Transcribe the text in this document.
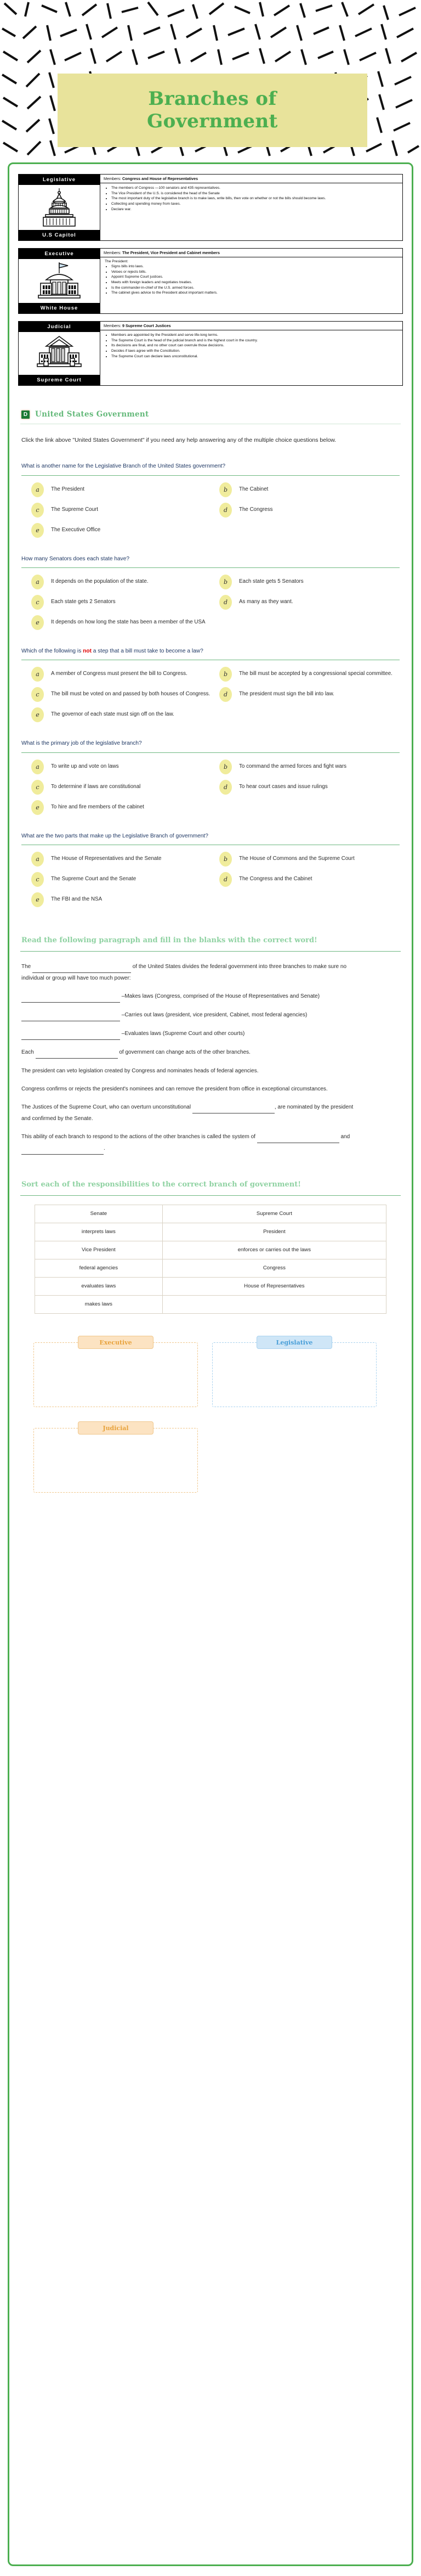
Branches of
Government
Legislative
U.S Capitol
Members: Congress and House of Representatives
• The members of Congress —100 senators and 435 representatives.
• The Vice President of the U.S. is considered the head of the Senate
• The most important duty of the legislative branch is to make laws, write bills, then vote on whether or not the bills should become laws.
• Collecting and spending money from taxes.
• Declare war.
Executive
White House
Members: The President, Vice President and Cabinet members

The President:

• Signs bills into laws.
• Vetoes or rejects bills.
• Appoint Supreme Court justices.
• Meets with foreign leaders and negotiates treaties.
• Is the commander-in-chief of the U.S. armed forces.
• The cabinet gives advice to the President about important matters.
Judicial
Supreme Court
Members: 9 Supreme Court Justices
• Members are appointed by the President and serve life-long terms.
• The Supreme Court is the head of the judicial branch and is the highest court in the country.
• Its decisions are final, and no other court can overrule those decisions.
• Decides if laws agree with the Constitution.
• The Supreme Court can declare laws unconstitutional.
D United States Government

Click the link above "United States Government" if you need any help answering any of the multiple choice questions below.

What is another name for the Legislative Branch of the United States government?
a	The President	b	The Cabinet
c	The Supreme Court	d	The Congress
e	The Executive Office
How many Senators does each state have?
a	It depends on the population of the state.	b	Each state gets 5 Senators
c	Each state gets 2 Senators	d	As many as they want.
e	It depends on how long the state has been a member of the USA
Which of the following is not a step that a bill must take to become a law?
a	A member of Congress must present the bill to Congress.	b	The bill must be accepted by a congressional special committee.
c	The bill must be voted on and passed by both houses of Congress.	d	The president must sign the bill into law.
e	The governor of each state must sign off on the law.
What is the primary job of the legislative branch?
a	To write up and vote on laws	b	To command the armed forces and fight wars
c	To determine if laws are constitutional	d	To hear court cases and issue rulings
e	To hire and fire members of the cabinet
What are the two parts that make up the Legislative Branch of government?
a	The House of Representatives and the Senate	b	The House of Commons and the Supreme Court
c	The Supreme Court and the Senate	d	The Congress and the Cabinet
e	The FBI and the NSA
Read the following paragraph and fill in the blanks with the correct word!

The	of the United States divides the federal government into three branches to make sure no individual or group will have too much power:

–Makes laws (Congress, comprised of the House of Representatives and Senate)

–Carries out laws (president, vice president, Cabinet, most federal agencies)

–Evaluates laws (Supreme Court and other courts)

Each	of government can change acts of the other branches.

The president can veto legislation created by Congress and nominates heads of federal agencies.

Congress confirms or rejects the president's nominees and can remove the president from office in exceptional circumstances.

The Justices of the Supreme Court, who can overturn unconstitutional	, are nominated by the president and confirmed by the Senate.

This ability of each branch to respond to the actions of the other branches is called the system of	and  .

Sort each of the responsibilities to the correct branch of government!
Senate	Supreme Court
interprets laws	President
Vice President	enforces or carries out the laws
federal agencies	Congress
evaluates laws	House of Representatives
makes laws	
Executive	Legislative
Judicial
